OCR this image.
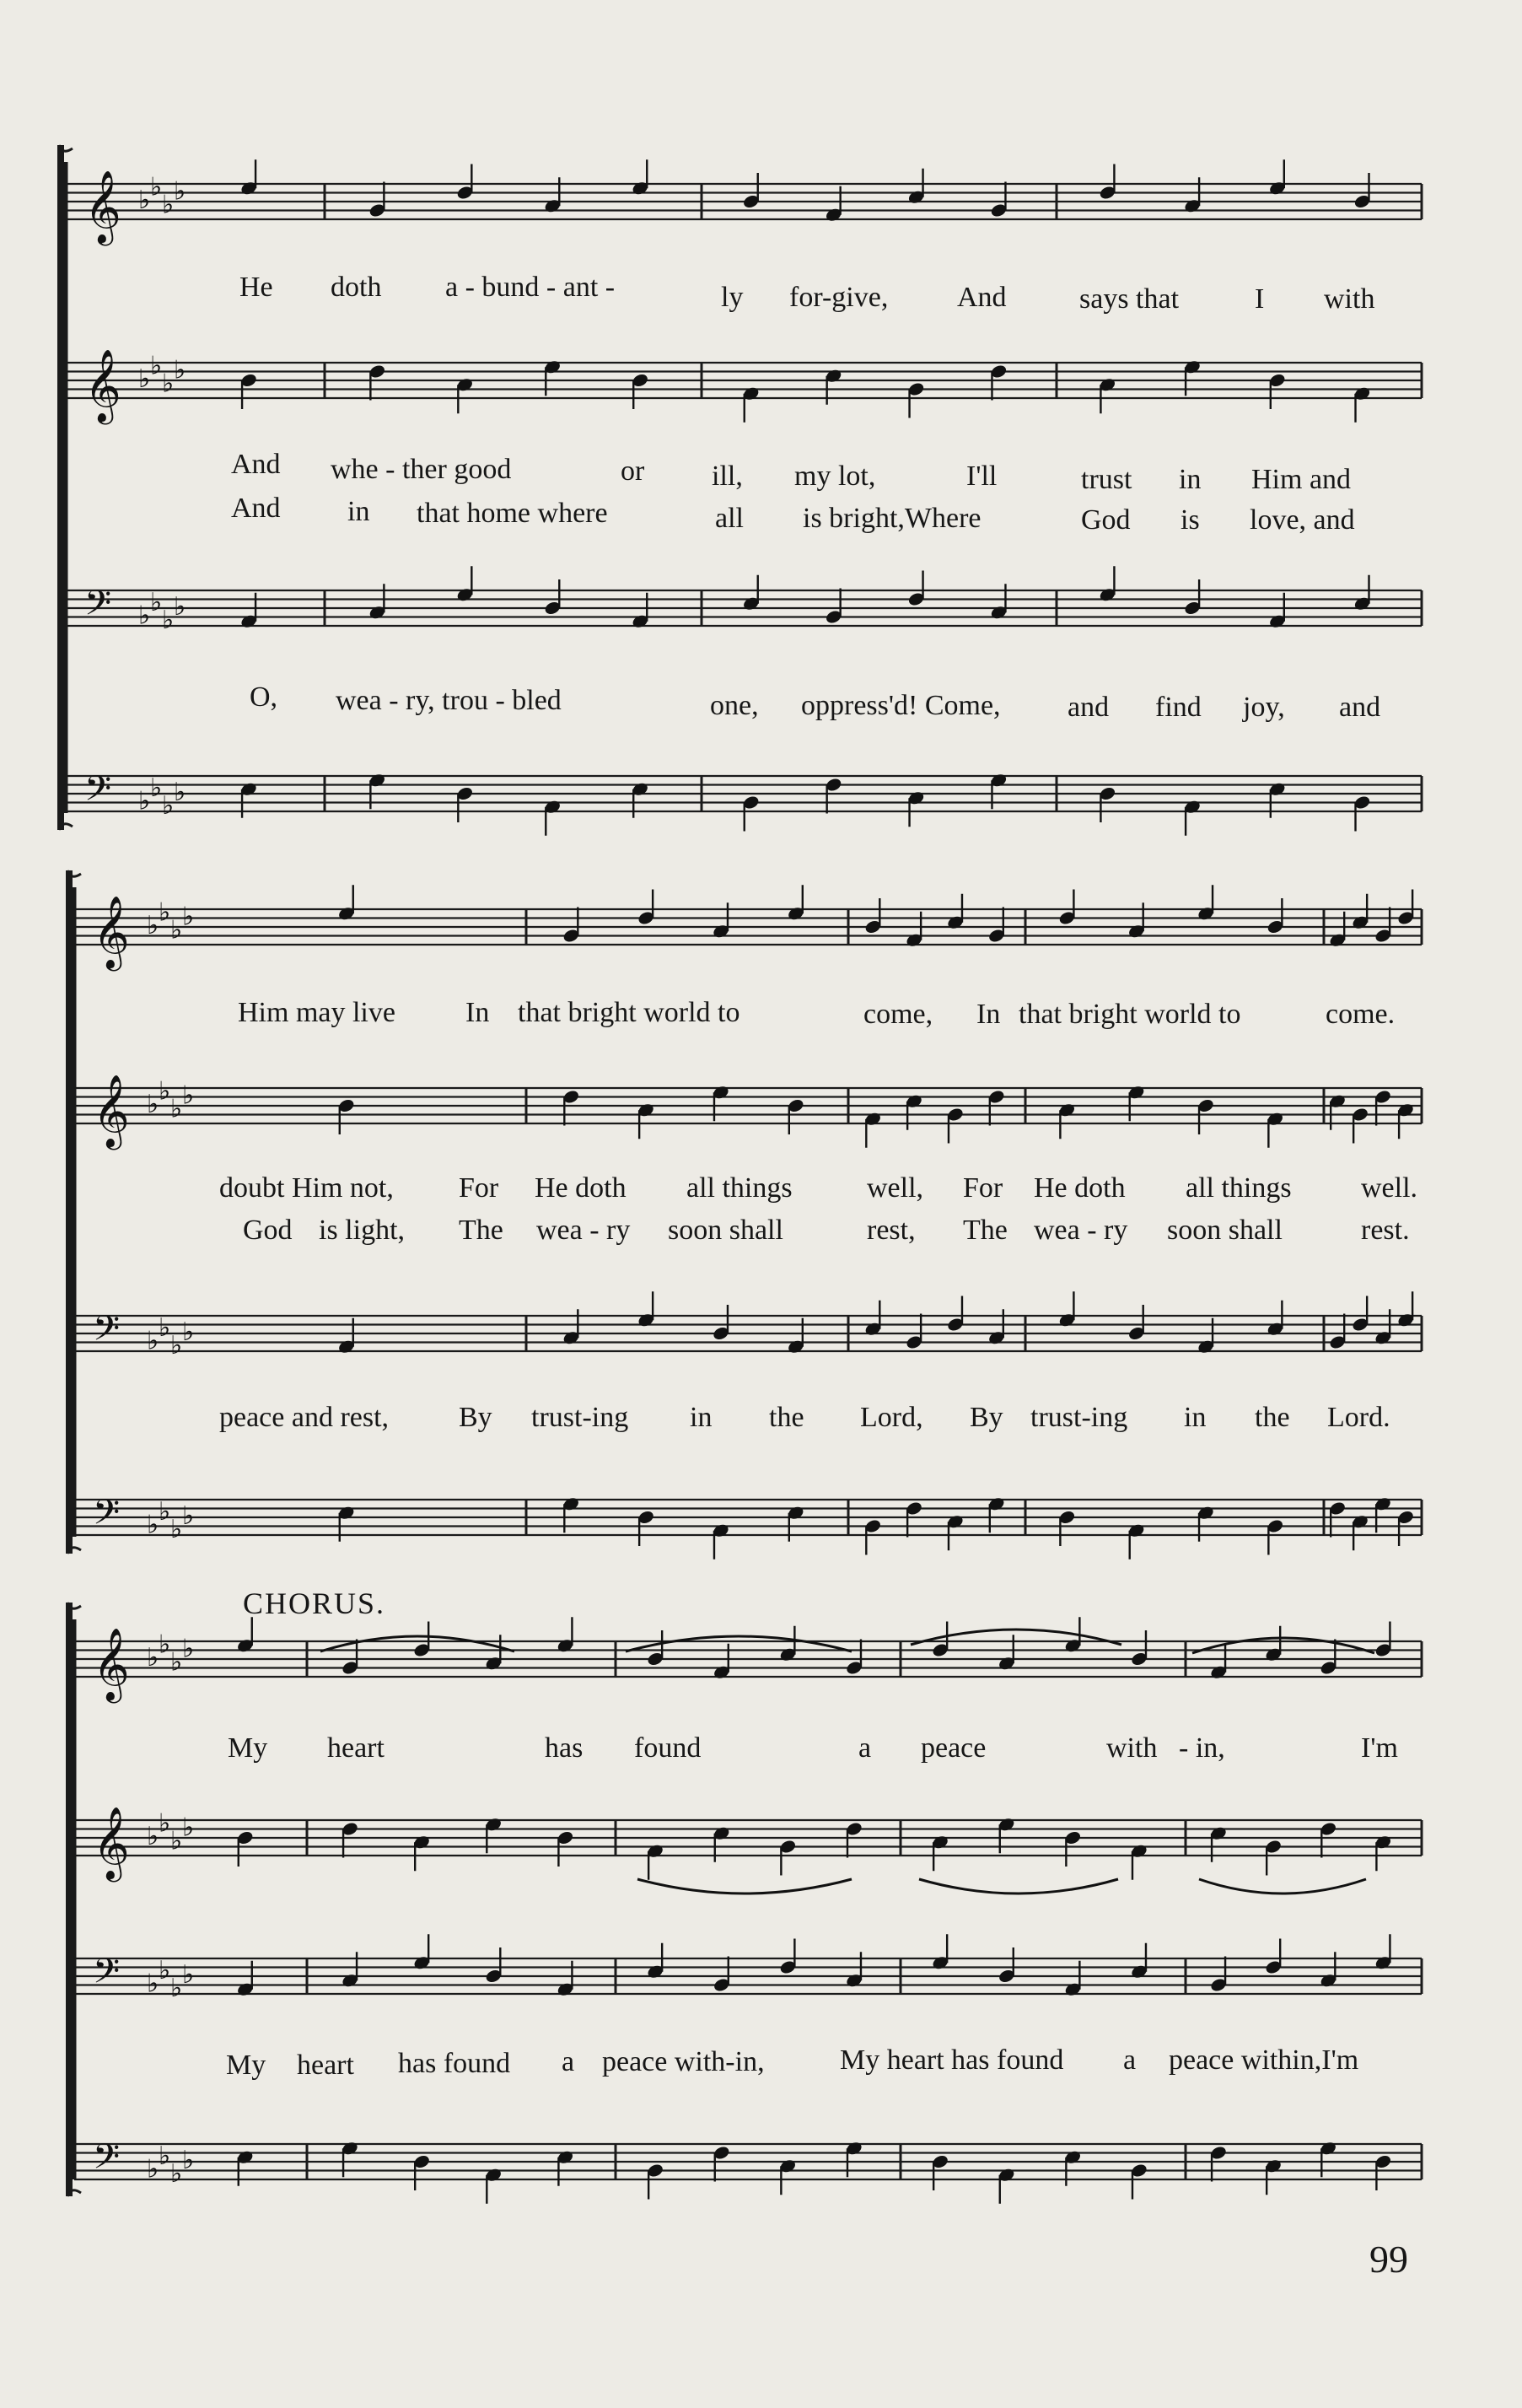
𝄞 ♭ ♭
♭ ♭
𝄞 ♭ ♭
♭ ♭
𝄢 ♭ ♭
♭ ♭
𝄢 ♭ ♭
♭ ♭
𝄞 ♭ ♭
♭ ♭
𝄞 ♭ ♭
♭ ♭
𝄢 ♭ ♭
♭ ♭
𝄢 ♭ ♭
♭ ♭
𝄞 ♭ ♭
♭ ♭
𝄞 ♭ ♭
♭ ♭
𝄢 ♭ ♭
♭ ♭
𝄢 ♭ ♭
♭ ♭
He doth a - bund - ant -	ly for-give, And	says that	I with
And whe - ther good	or ill, my lot,	I'll	trust in Him and
And in that home where	all is bright,Where	God is love, and
O, wea - ry, trou - bled	one, oppress'd! Come, and find joy, and
Him may live In that bright world to	come, In that bright world to	come.
doubt Him not, For He doth all things	well, For He doth all things well.
God is light, The wea - ry soon shall	rest, The wea - ry soon shall	rest.
peace and rest, By trust-ing in the Lord, By trust-ing in the Lord.
CHORUS.
My heart	has found	a peace	with - in,	I'm
My heart has found a peace with-in,	My heart has found a peace within,I'm
99
